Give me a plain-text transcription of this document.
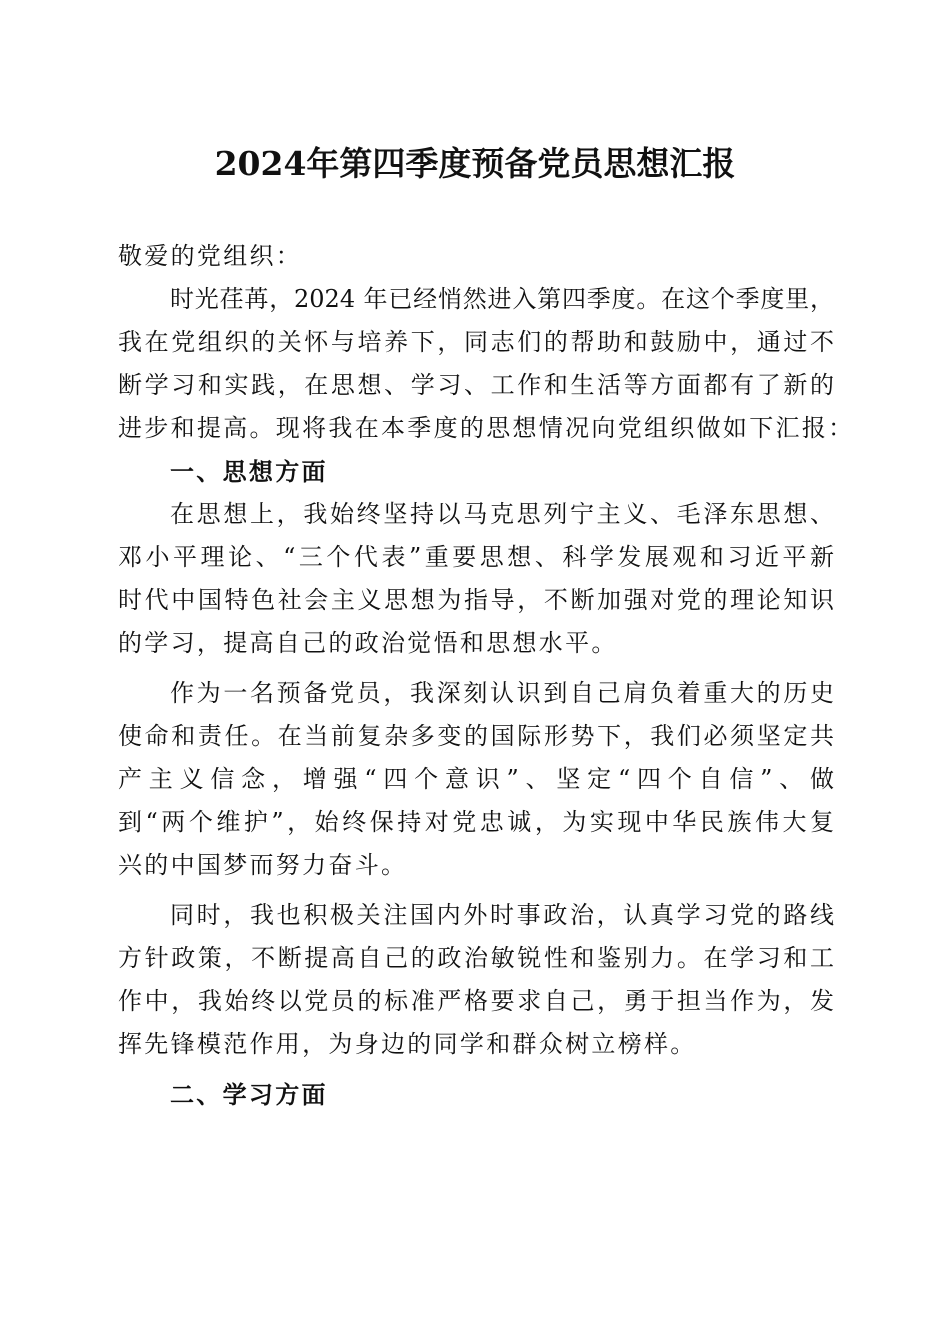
2024年第四季度预备党员思想汇报
敬爱的党组织：
时光荏苒，2024 年已经悄然进入第四季度。在这个季度里，
我在党组织的关怀与培养下，同志们的帮助和鼓励中，通过不
断学习和实践，在思想、学习、工作和生活等方面都有了新的
进步和提高。现将我在本季度的思想情况向党组织做如下汇报：
一、思想方面
在思想上，我始终坚持以马克思列宁主义、毛泽东思想、
邓小平理论、“三个代表”重要思想、科学发展观和习近平新
时代中国特色社会主义思想为指导，不断加强对党的理论知识
的学习，提高自己的政治觉悟和思想水平。
作为一名预备党员，我深刻认识到自己肩负着重大的历史
使命和责任。在当前复杂多变的国际形势下，我们必须坚定共
产主义信念，增强“四个意识”、坚定“四个自信”、做
到“两个维护”，始终保持对党忠诚，为实现中华民族伟大复
兴的中国梦而努力奋斗。
同时，我也积极关注国内外时事政治，认真学习党的路线
方针政策，不断提高自己的政治敏锐性和鉴别力。在学习和工
作中，我始终以党员的标准严格要求自己，勇于担当作为，发
挥先锋模范作用，为身边的同学和群众树立榜样。
二、学习方面
